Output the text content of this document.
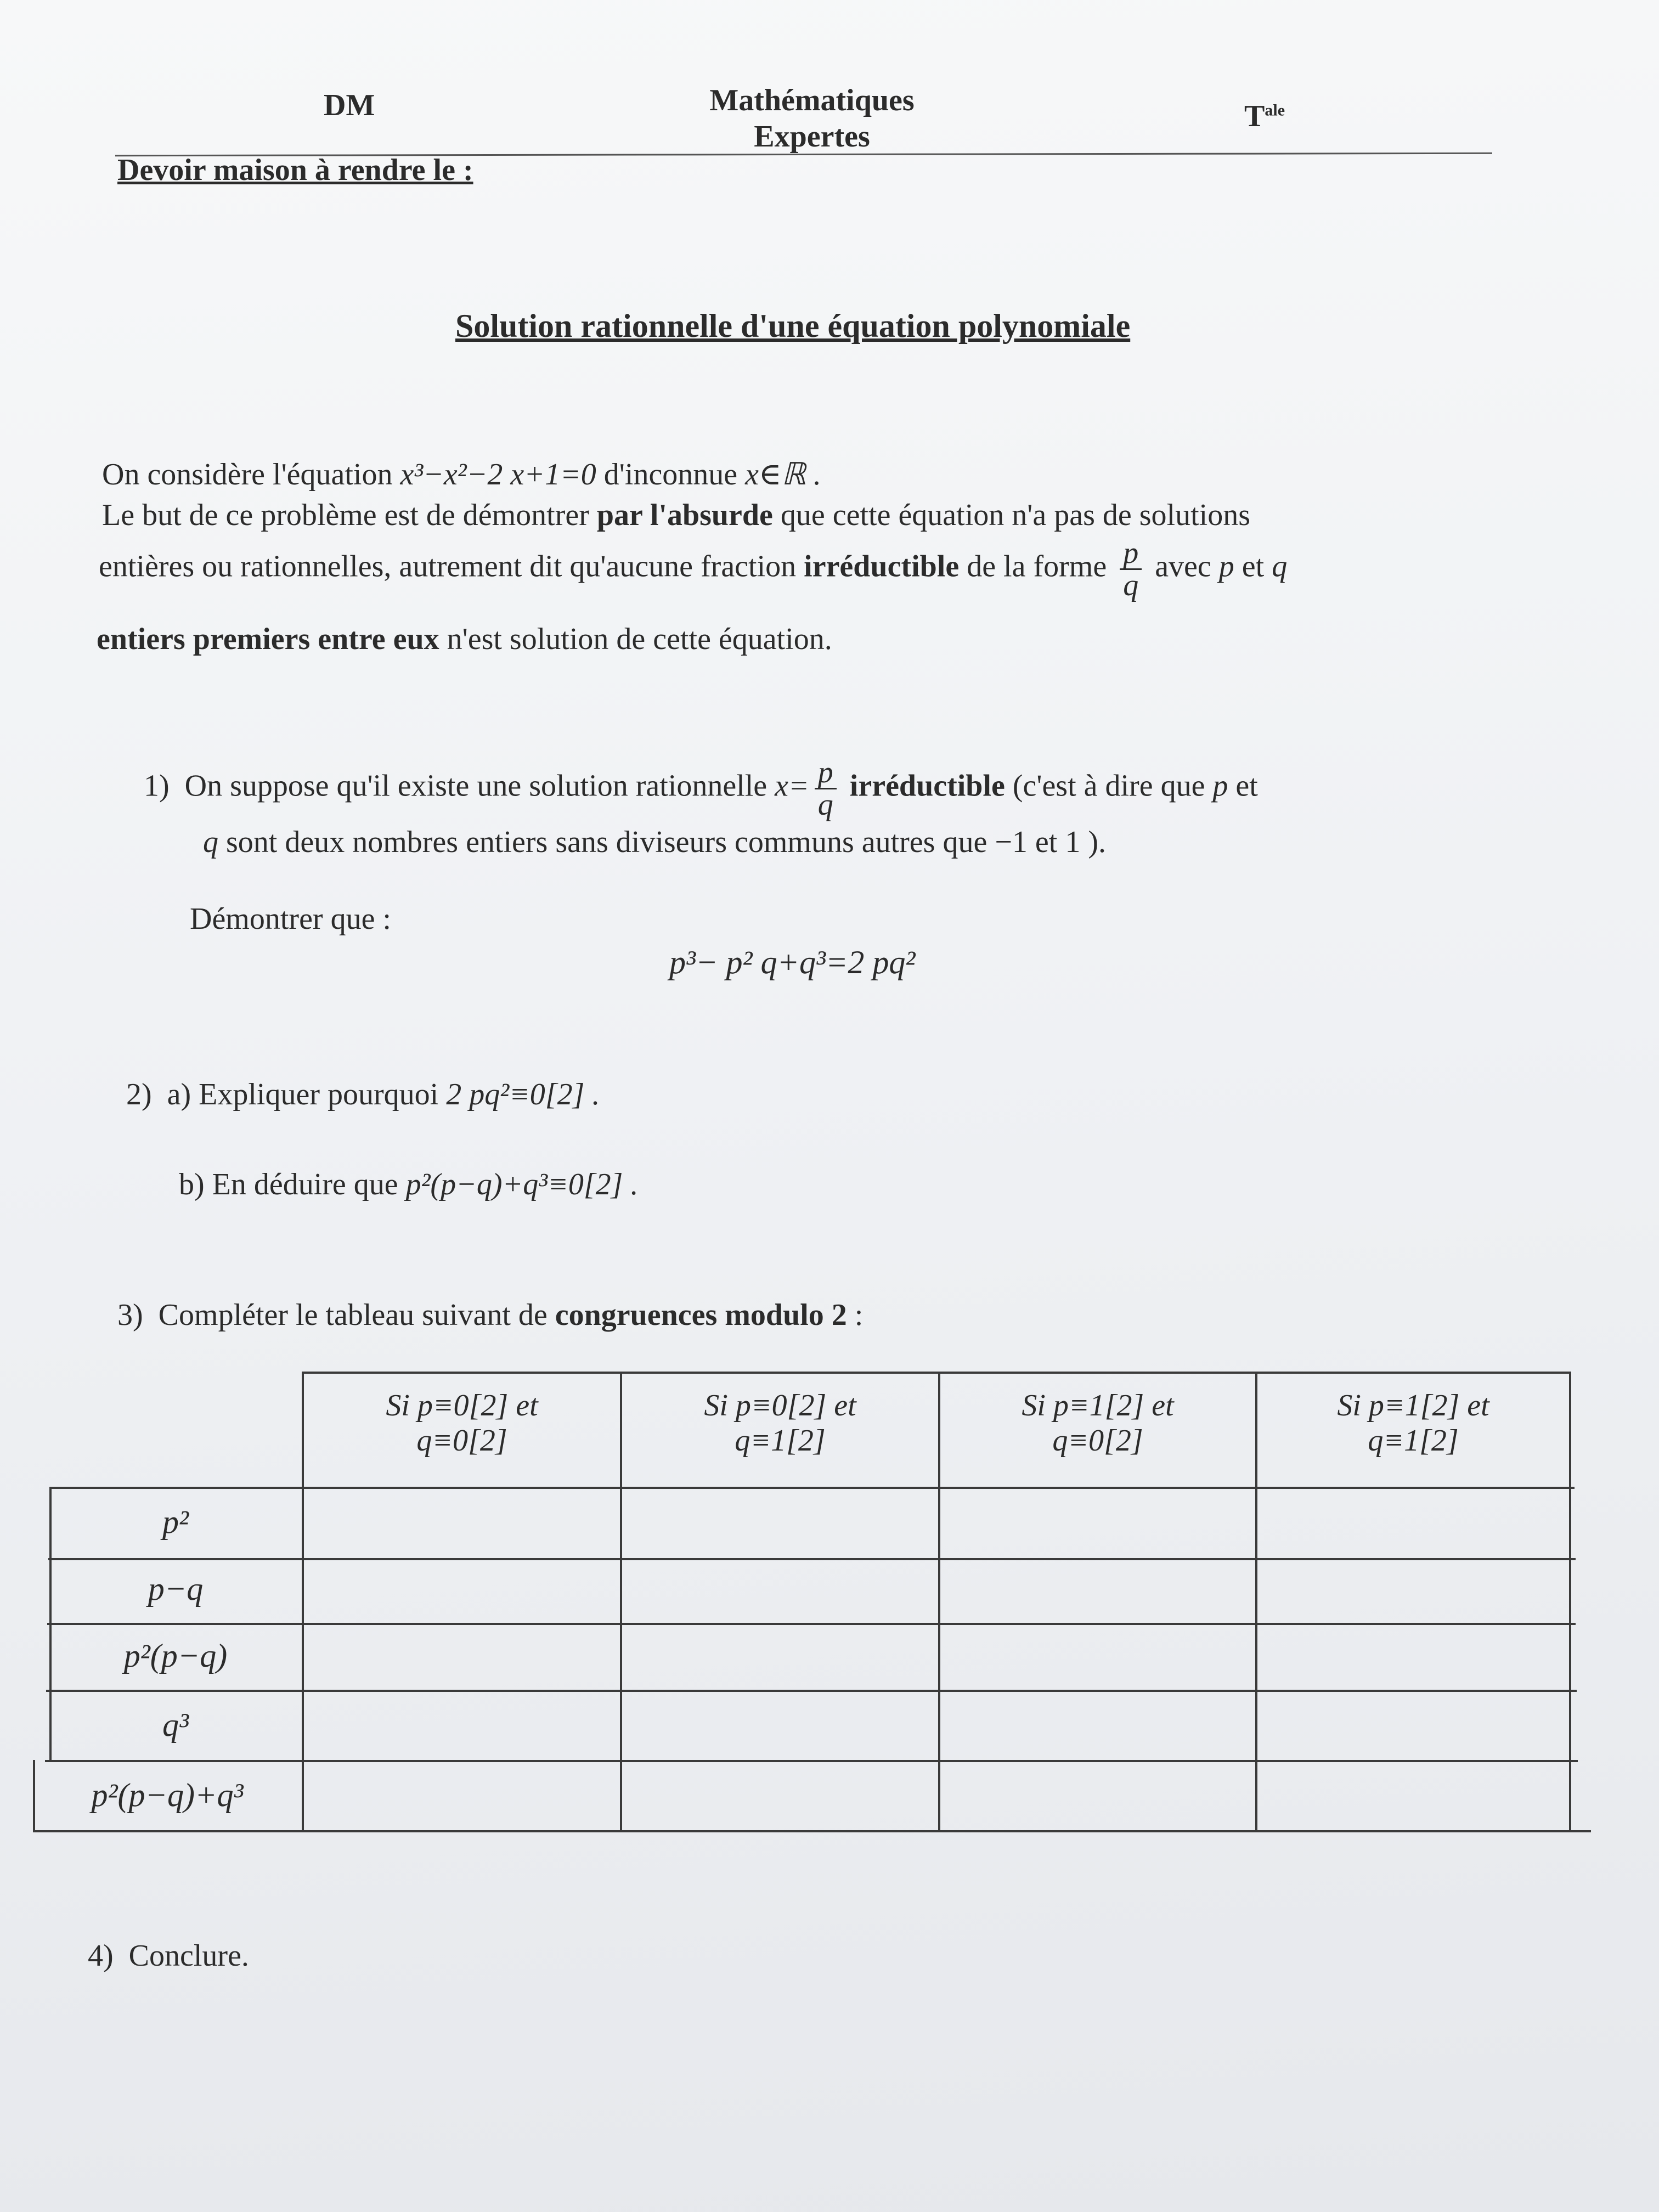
DM	Mathématiques
Expertes
$T^{ale}$
Devoir maison à rendre le :
Solution rationnelle d'une équation polynomiale
On considère l'équation x³−x²−2 x+1=0 d'inconnue x∈ℝ .
Le but de ce problème est de démontrer par l'absurde que cette équation n'a pas de solutions
entières ou rationnelles, autrement dit qu'aucune fraction irréductible de la forme $\frac{p}{q}$ avec p et q
entiers premiers entre eux n'est solution de cette équation.
1) On suppose qu'il existe une solution rationnelle $x= \frac{p}{q}$ irréductible (c'est à dire que p et
q sont deux nombres entiers sans diviseurs communs autres que −1 et 1 ).
Démontrer que :
p³− p² q+q³=2 pq²
2) a) Expliquer pourquoi 2 pq²≡0[2] .
b) En déduire que p²(p−q)+q³≡0[2] .
3) Compléter le tableau suivant de congruences modulo 2 :
Si p≡0[2] et
q≡0[2]
Si p≡0[2] et
q≡1[2]
Si p≡1[2] et
q≡0[2]
Si p≡1[2] et
q≡1[2]
p²
p−q
p²(p−q)
q³
p²(p−q)+q³
4) Conclure.
